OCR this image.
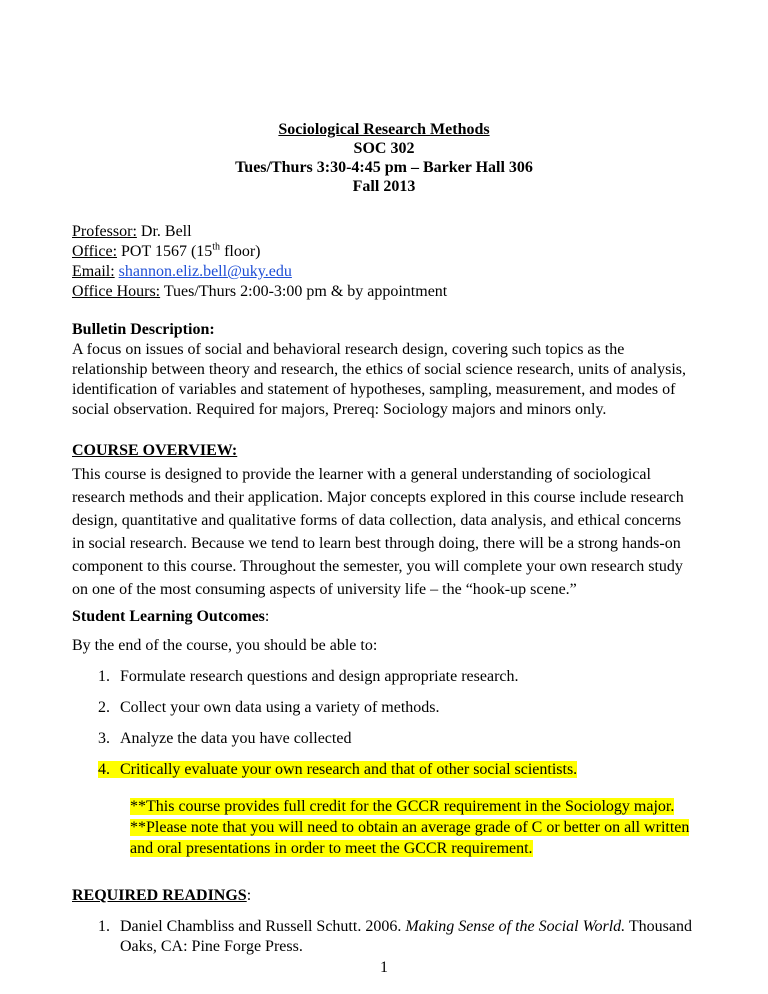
Sociological Research Methods
SOC 302
Tues/Thurs 3:30-4:45 pm – Barker Hall 306
Fall 2013
Professor: Dr. Bell
Office: POT 1567 (15th floor)
Email: shannon.eliz.bell@uky.edu
Office Hours: Tues/Thurs 2:00-3:00 pm & by appointment
Bulletin Description:
A focus on issues of social and behavioral research design, covering such topics as the
relationship between theory and research, the ethics of social science research, units of analysis,
identification of variables and statement of hypotheses, sampling, measurement, and modes of
social observation. Required for majors, Prereq: Sociology majors and minors only.
COURSE OVERVIEW:
This course is designed to provide the learner with a general understanding of sociological
research methods and their application. Major concepts explored in this course include research
design, quantitative and qualitative forms of data collection, data analysis, and ethical concerns
in social research. Because we tend to learn best through doing, there will be a strong hands-on
component to this course. Throughout the semester, you will complete your own research study
on one of the most consuming aspects of university life – the “hook-up scene.”
Student Learning Outcomes:
By the end of the course, you should be able to:
1. Formulate research questions and design appropriate research.
2. Collect your own data using a variety of methods.
3. Analyze the data you have collected
4. Critically evaluate your own research and that of other social scientists.
**This course provides full credit for the GCCR requirement in the Sociology major.
**Please note that you will need to obtain an average grade of C or better on all written
and oral presentations in order to meet the GCCR requirement.
REQUIRED READINGS:
1. Daniel Chambliss and Russell Schutt. 2006. Making Sense of the Social World. Thousand
Oaks, CA: Pine Forge Press.
1
